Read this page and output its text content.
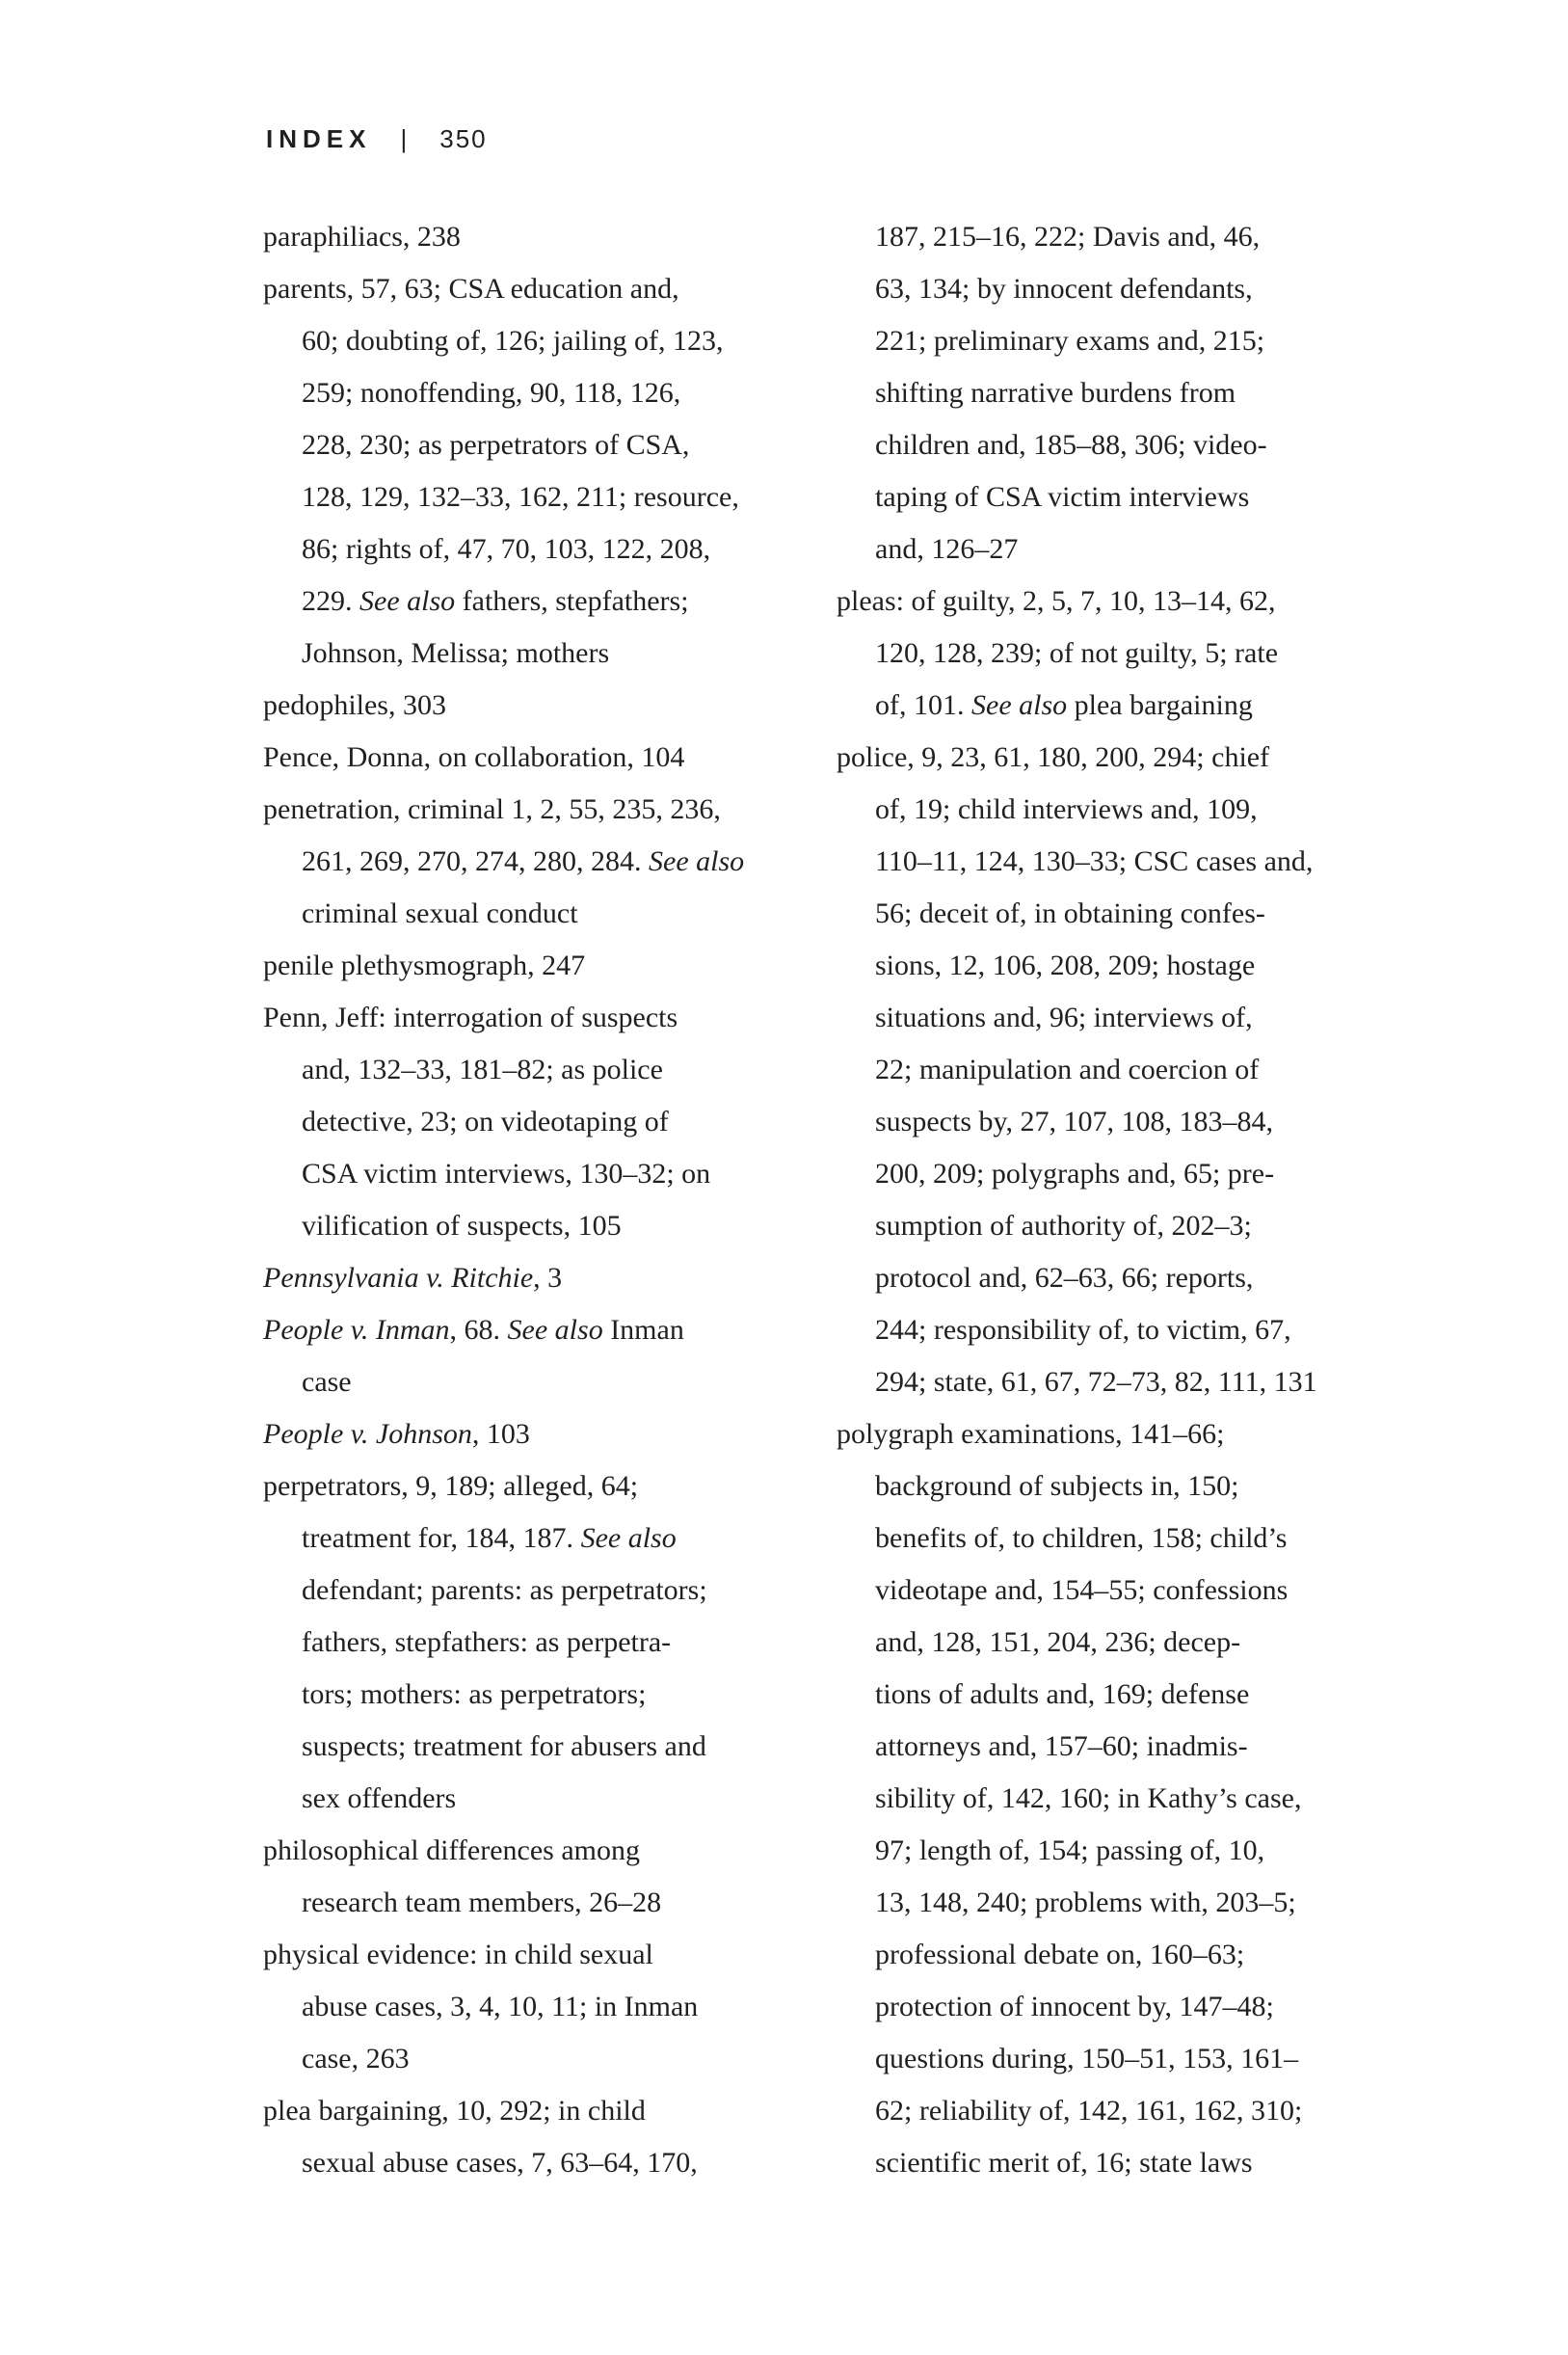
INDEX | 350
paraphiliacs, 238
parents, 57, 63; CSA education and,
60; doubting of, 126; jailing of, 123,
259; nonoffending, 90, 118, 126,
228, 230; as perpetrators of CSA,
128, 129, 132–33, 162, 211; resource,
86; rights of, 47, 70, 103, 122, 208,
229. See also fathers, stepfathers;
Johnson, Melissa; mothers
pedophiles, 303
Pence, Donna, on collaboration, 104
penetration, criminal 1, 2, 55, 235, 236,
261, 269, 270, 274, 280, 284. See also
criminal sexual conduct
penile plethysmograph, 247
Penn, Jeff: interrogation of suspects
and, 132–33, 181–82; as police
detective, 23; on videotaping of
CSA victim interviews, 130–32; on
vilification of suspects, 105
Pennsylvania v. Ritchie, 3
People v. Inman, 68. See also Inman
case
People v. Johnson, 103
perpetrators, 9, 189; alleged, 64;
treatment for, 184, 187. See also
defendant; parents: as perpetrators;
fathers, stepfathers: as perpetra-
tors; mothers: as perpetrators;
suspects; treatment for abusers and
sex offenders
philosophical differences among
research team members, 26–28
physical evidence: in child sexual
abuse cases, 3, 4, 10, 11; in Inman
case, 263
plea bargaining, 10, 292; in child
sexual abuse cases, 7, 63–64, 170,
187, 215–16, 222; Davis and, 46,
63, 134; by innocent defendants,
221; preliminary exams and, 215;
shifting narrative burdens from
children and, 185–88, 306; video-
taping of CSA victim interviews
and, 126–27
pleas: of guilty, 2, 5, 7, 10, 13–14, 62,
120, 128, 239; of not guilty, 5; rate
of, 101. See also plea bargaining
police, 9, 23, 61, 180, 200, 294; chief
of, 19; child interviews and, 109,
110–11, 124, 130–33; CSC cases and,
56; deceit of, in obtaining confes-
sions, 12, 106, 208, 209; hostage
situations and, 96; interviews of,
22; manipulation and coercion of
suspects by, 27, 107, 108, 183–84,
200, 209; polygraphs and, 65; pre-
sumption of authority of, 202–3;
protocol and, 62–63, 66; reports,
244; responsibility of, to victim, 67,
294; state, 61, 67, 72–73, 82, 111, 131
polygraph examinations, 141–66;
background of subjects in, 150;
benefits of, to children, 158; child’s
videotape and, 154–55; confessions
and, 128, 151, 204, 236; decep-
tions of adults and, 169; defense
attorneys and, 157–60; inadmis-
sibility of, 142, 160; in Kathy’s case,
97; length of, 154; passing of, 10,
13, 148, 240; problems with, 203–5;
professional debate on, 160–63;
protection of innocent by, 147–48;
questions during, 150–51, 153, 161–
62; reliability of, 142, 161, 162, 310;
scientific merit of, 16; state laws
